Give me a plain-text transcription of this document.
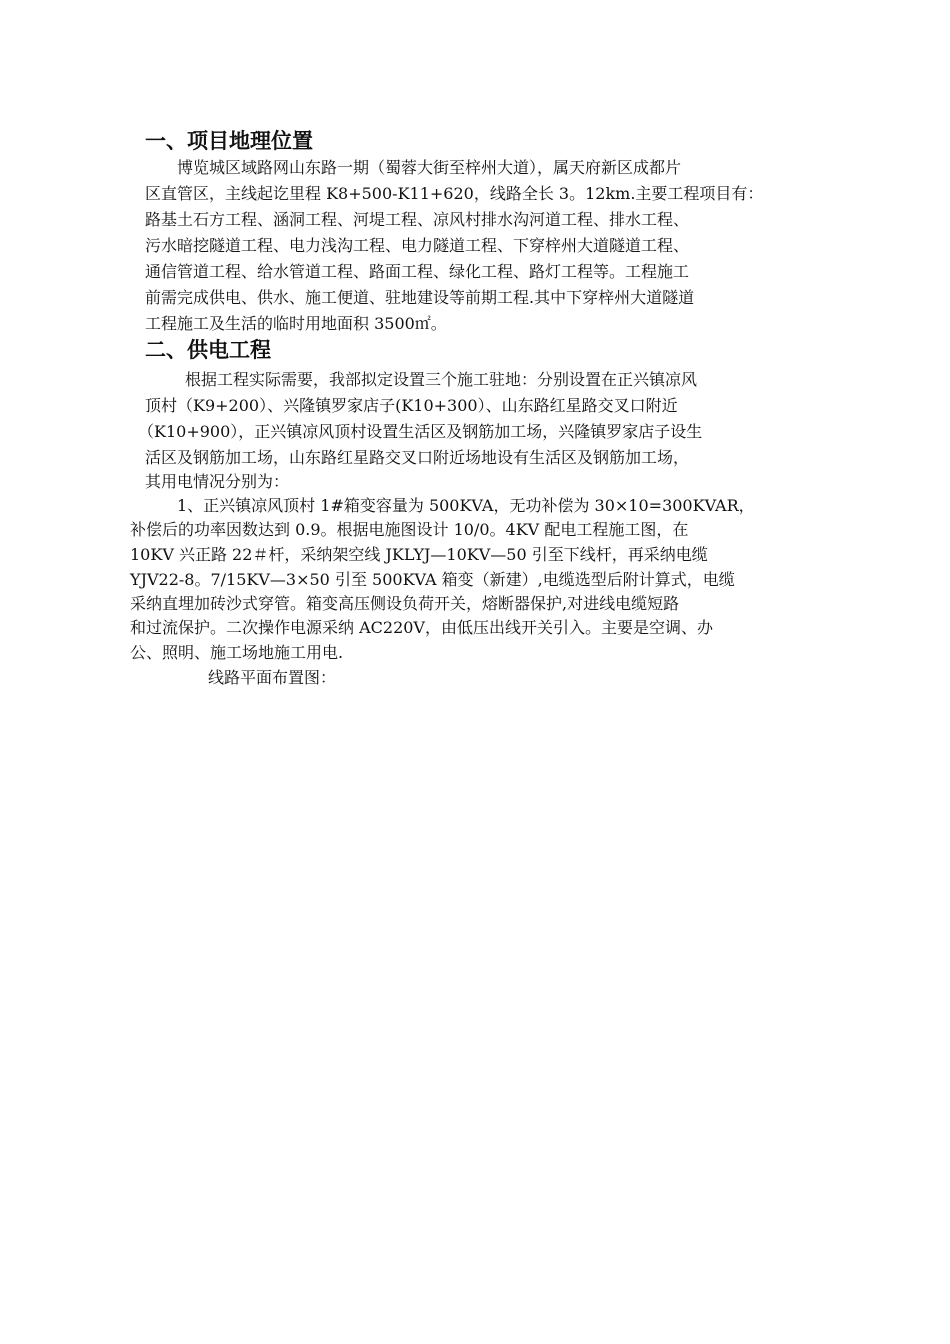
一、项目地理位置
博览城区域路网山东路一期（蜀蓉大街至梓州大道），属天府新区成都片
区直管区，主线起讫里程 K8+500-K11+620，线路全长 3。12km.主要工程项目有：
路基土石方工程、涵洞工程、河堤工程、凉风村排水沟河道工程、排水工程、
污水暗挖隧道工程、电力浅沟工程、电力隧道工程、下穿梓州大道隧道工程、
通信管道工程、给水管道工程、路面工程、绿化工程、路灯工程等。工程施工
前需完成供电、供水、施工便道、驻地建设等前期工程.其中下穿梓州大道隧道
工程施工及生活的临时用地面积 3500㎡。
二、供电工程
根据工程实际需要，我部拟定设置三个施工驻地：分别设置在正兴镇凉风
顶村（K9+200）、兴隆镇罗家店子(K10+300）、山东路红星路交叉口附近
（K10+900），正兴镇凉风顶村设置生活区及钢筋加工场，兴隆镇罗家店子设生
活区及钢筋加工场，山东路红星路交叉口附近场地设有生活区及钢筋加工场，
其用电情况分别为：
1、正兴镇凉风顶村 1#箱变容量为 500KVA，无功补偿为 30×10=300KVAR，
补偿后的功率因数达到 0.9。根据电施图设计 10/0。4KV 配电工程施工图，在
10KV 兴正路 22＃杆，采纳架空线 JKLYJ—10KV—50 引至下线杆，再采纳电缆
YJV22-8。7/15KV—3×50 引至 500KVA 箱变（新建）,电缆选型后附计算式，电缆
采纳直埋加砖沙式穿管。箱变高压侧设负荷开关，熔断器保护,对进线电缆短路
和过流保护。二次操作电源采纳 AC220V，由低压出线开关引入。主要是空调、办
公、照明、施工场地施工用电.
线路平面布置图：
